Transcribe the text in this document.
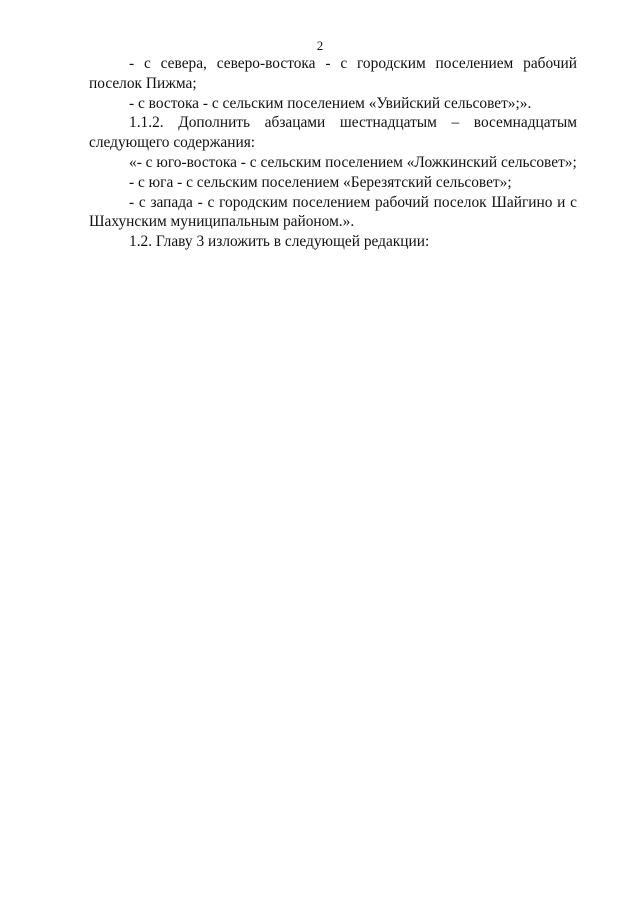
2

- с севера, северо-востока - с городским поселением рабочий поселок Пижма;

- с востока - с сельским поселением «Увийский сельсовет»;».

1.1.2. Дополнить абзацами шестнадцатым – восемнадцатым следующего содержания:

«- с юго-востока - с сельским поселением «Ложкинский сельсовет»;

- с юга - с сельским поселением «Березятский сельсовет»;

- с запада - с городским поселением рабочий поселок Шайгино и с Шахунским муниципальным районом.».

1.2. Главу 3 изложить в следующей редакции:
